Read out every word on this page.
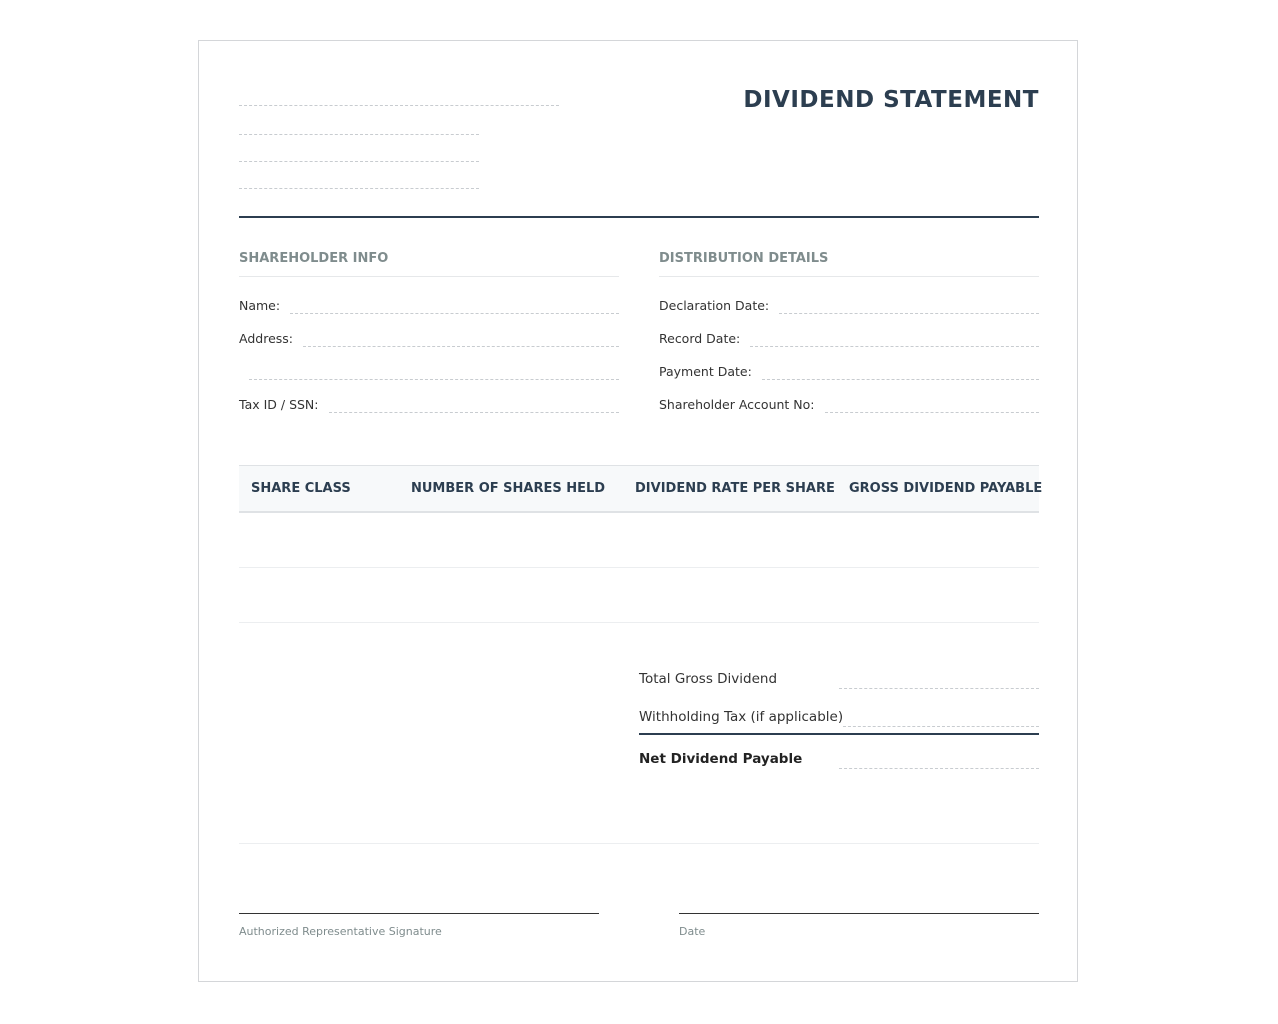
DIVIDEND STATEMENT
SHAREHOLDER INFO
Name:
Address:
Tax ID / SSN:
DISTRIBUTION DETAILS
Declaration Date:
Record Date:
Payment Date:
Shareholder Account No:
SHARE CLASS	NUMBER OF SHARES HELD	DIVIDEND RATE PER SHARE	GROSS DIVIDEND PAYABLE
Total Gross Dividend
Withholding Tax (if applicable)
Net Dividend Payable
Authorized Representative Signature	Date
